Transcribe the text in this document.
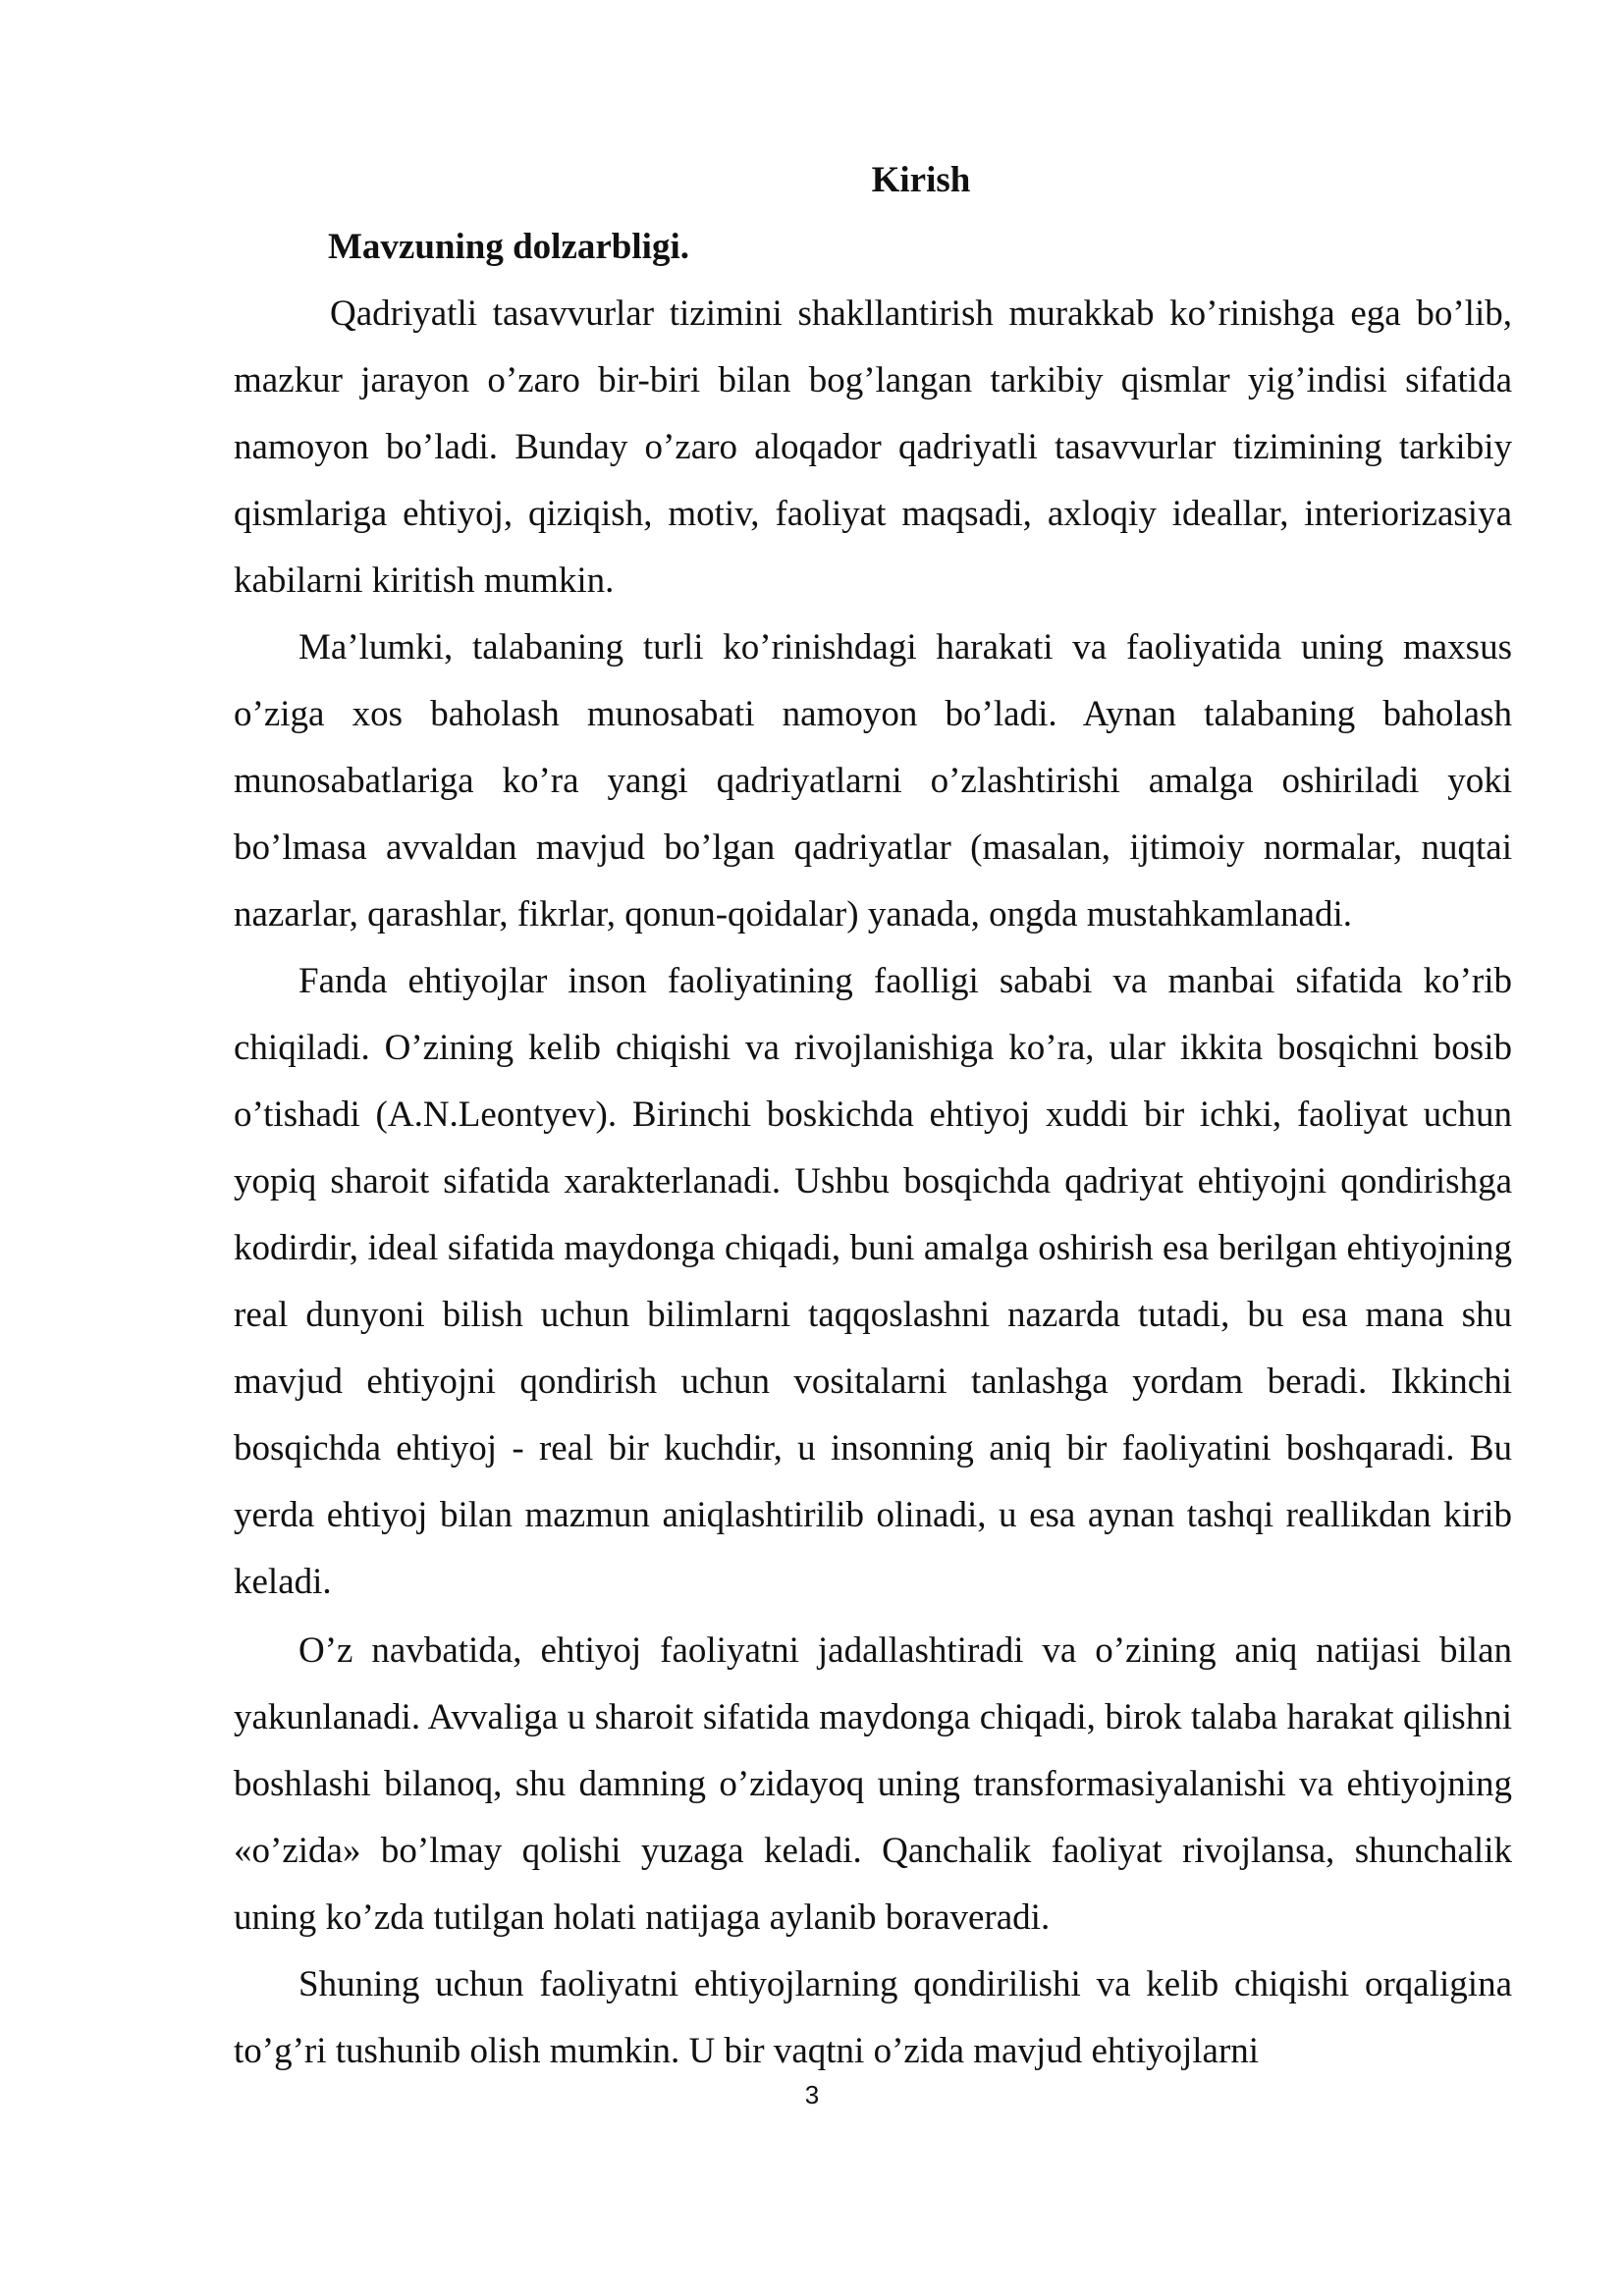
Kirish

Mavzuning dolzarbligi.

Qadriyatli tasavvurlar tizimini shakllantirish murakkab ko’rinishga ega bo’lib, mazkur jarayon o’zaro bir-biri bilan bog’langan tarkibiy qismlar yig’indisi sifatida namoyon bo’ladi. Bunday o’zaro aloqador qadriyatli tasavvurlar tizimining tarkibiy qismlariga ehtiyoj, qiziqish, motiv, faoliyat maqsadi, axloqiy ideallar, interiorizasiya kabilarni kiritish mumkin.

Ma’lumki, talabaning turli ko’rinishdagi harakati va faoliyatida uning maxsus o’ziga xos baholash munosabati namoyon bo’ladi. Aynan talabaning baholash munosabatlariga ko’ra yangi qadriyatlarni o’zlashtirishi amalga oshiriladi yoki bo’lmasa avvaldan mavjud bo’lgan qadriyatlar (masalan, ijtimoiy normalar, nuqtai nazarlar, qarashlar, fikrlar, qonun-qoidalar) yanada, ongda mustahkamlanadi.

Fanda ehtiyojlar inson faoliyatining faolligi sababi va manbai sifatida ko’rib chiqiladi. O’zining kelib chiqishi va rivojlanishiga ko’ra, ular ikkita bosqichni bosib o’tishadi (A.N.Leontyev). Birinchi boskichda ehtiyoj xuddi bir ichki, faoliyat uchun yopiq sharoit sifatida xarakterlanadi. Ushbu bosqichda qadriyat ehtiyojni qondirishga kodirdir, ideal sifatida maydonga chiqadi, buni amalga oshirish esa berilgan ehtiyojning real dunyoni bilish uchun bilimlarni taqqoslashni nazarda tutadi, bu esa mana shu mavjud ehtiyojni qondirish uchun vositalarni tanlashga yordam beradi. Ikkinchi bosqichda ehtiyoj - real bir kuchdir, u insonning aniq bir faoliyatini boshqaradi. Bu yerda ehtiyoj bilan mazmun aniqlashtirilib olinadi, u esa aynan tashqi reallikdan kirib keladi.

O’z navbatida, ehtiyoj faoliyatni jadallashtiradi va o’zining aniq natijasi bilan yakunlanadi. Avvaliga u sharoit sifatida maydonga chiqadi, birok talaba harakat qilishni boshlashi bilanoq, shu damning o’zidayoq uning transformasiyalanishi va ehtiyojning «o’zida» bo’lmay qolishi yuzaga keladi. Qanchalik faoliyat rivojlansa, shunchalik uning ko’zda tutilgan holati natijaga aylanib boraveradi.

Shuning uchun faoliyatni ehtiyojlarning qondirilishi va kelib chiqishi orqaligina to’g’ri tushunib olish mumkin. U bir vaqtni o’zida mavjud ehtiyojlarni

3
